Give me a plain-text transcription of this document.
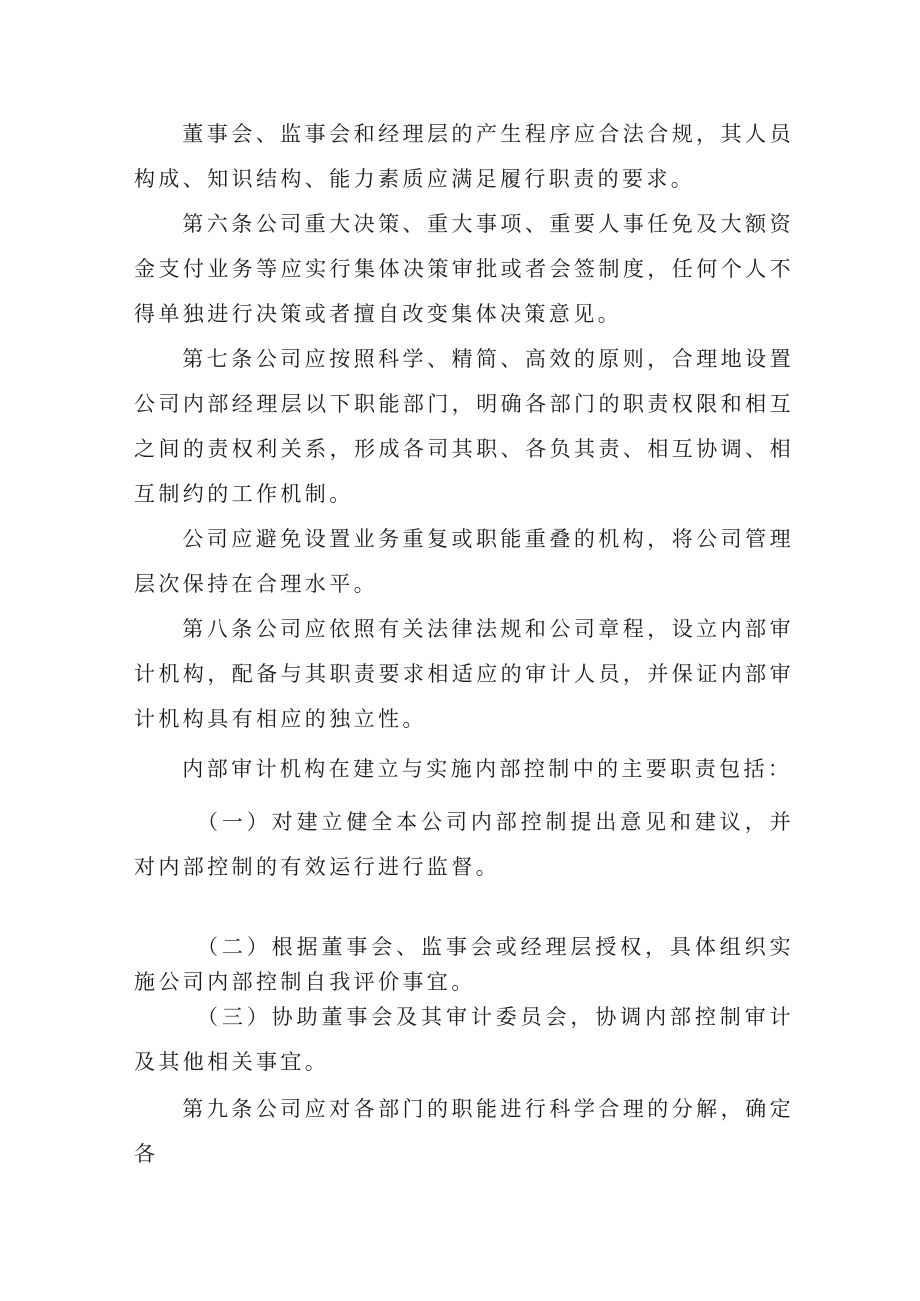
董事会、监事会和经理层的产生程序应合法合规，其人员构成、知识结构、能力素质应满足履行职责的要求。

第六条公司重大决策、重大事项、重要人事任免及大额资金支付业务等应实行集体决策审批或者会签制度，任何个人不得单独进行决策或者擅自改变集体决策意见。

第七条公司应按照科学、精简、高效的原则，合理地设置公司内部经理层以下职能部门，明确各部门的职责权限和相互之间的责权利关系，形成各司其职、各负其责、相互协调、相互制约的工作机制。

公司应避免设置业务重复或职能重叠的机构，将公司管理层次保持在合理水平。

第八条公司应依照有关法律法规和公司章程，设立内部审计机构，配备与其职责要求相适应的审计人员，并保证内部审计机构具有相应的独立性。

内部审计机构在建立与实施内部控制中的主要职责包括：

（一）对建立健全本公司内部控制提出意见和建议，并对内部控制的有效运行进行监督。

（二）根据董事会、监事会或经理层授权，具体组织实施公司内部控制自我评价事宜。

（三）协助董事会及其审计委员会，协调内部控制审计及其他相关事宜。

第九条公司应对各部门的职能进行科学合理的分解，确定各
